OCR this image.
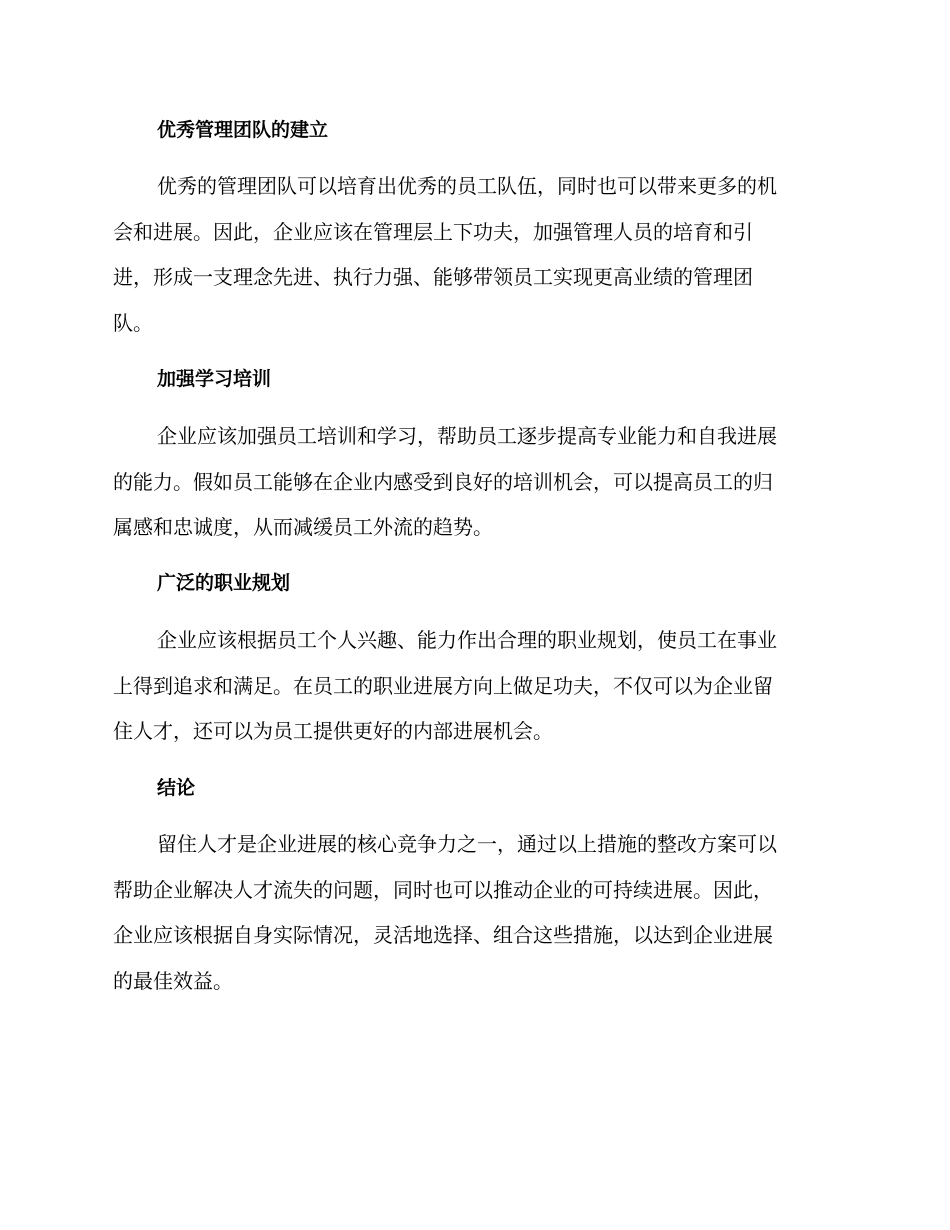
优秀管理团队的建立
优秀的管理团队可以培育出优秀的员工队伍，同时也可以带来更多的机
会和进展。因此，企业应该在管理层上下功夫，加强管理人员的培育和引
进，形成一支理念先进、执行力强、能够带领员工实现更高业绩的管理团
队。
加强学习培训
企业应该加强员工培训和学习，帮助员工逐步提高专业能力和自我进展
的能力。假如员工能够在企业内感受到良好的培训机会，可以提高员工的归
属感和忠诚度，从而减缓员工外流的趋势。
广泛的职业规划
企业应该根据员工个人兴趣、能力作出合理的职业规划，使员工在事业
上得到追求和满足。在员工的职业进展方向上做足功夫，不仅可以为企业留
住人才，还可以为员工提供更好的内部进展机会。
结论
留住人才是企业进展的核心竞争力之一，通过以上措施的整改方案可以
帮助企业解决人才流失的问题，同时也可以推动企业的可持续进展。因此，
企业应该根据自身实际情况，灵活地选择、组合这些措施，以达到企业进展
的最佳效益。
